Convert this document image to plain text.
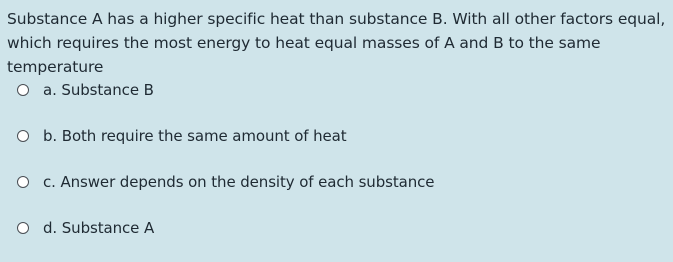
Substance A has a higher specific heat than substance B. With all other factors equal, which requires the most energy to heat equal masses of A and B to the same temperature
a. Substance B
b. Both require the same amount of heat
c. Answer depends on the density of each substance
d. Substance A
